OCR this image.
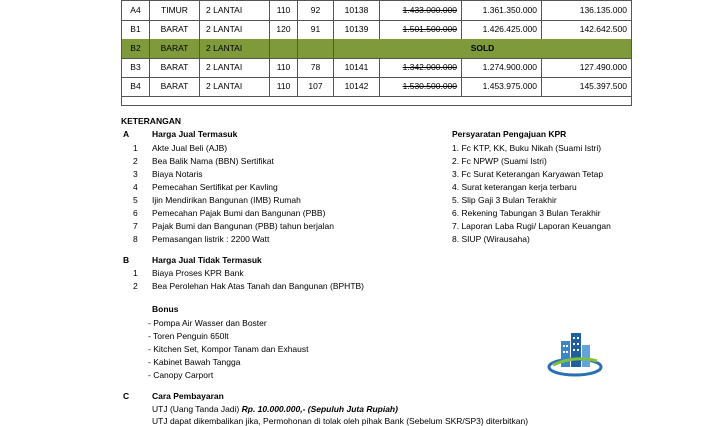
A4	TIMUR	2 LANTAI	110	92	10138	1.433.000.000	1.361.350.000	136.135.000
B1	BARAT	2 LANTAI	120	91	10139	1.501.500.000	1.426.425.000	142.642.500
B2	BARAT	2 LANTAI	SOLD
B3	BARAT	2 LANTAI	110	78	10141	1.342.000.000	1.274.900.000	127.490.000
B4	BARAT	2 LANTAI	110	107	10142	1.530.500.000	1.453.975.000	145.397.500
KETERANGAN
A	Harga Jual Termasuk
1 Akte Jual Beli (AJB)
2 Bea Balik Nama (BBN) Sertifikat
3 Biaya Notaris
4 Pemecahan Sertifikat per Kavling
5 Ijin Mendirikan Bangunan (IMB) Rumah
6 Pemecahan Pajak Bumi dan Bangunan (PBB)
7 Pajak Bumi dan Bangunan (PBB) tahun berjalan
8 Pemasangan listrik : 2200 Watt
Persyaratan Pengajuan KPR
1. Fc KTP, KK, Buku Nikah (Suami Istri)
2. Fc NPWP (Suami Istri)
3. Fc Surat Keterangan Karyawan Tetap
4. Surat keterangan kerja terbaru
5. Slip Gaji 3 Bulan Terakhir
6. Rekening Tabungan 3 Bulan Terakhir
7. Laporan Laba Rugi/ Laporan Keuangan
8. SIUP (Wirausaha)
B	Harga Jual Tidak Termasuk
1 Biaya Proses KPR Bank
2 Bea Perolehan Hak Atas Tanah dan Bangunan (BPHTB)
Bonus
- Pompa Air Wasser dan Boster
- Toren Penguin 650lt
- Kitchen Set, Kompor Tanam dan Exhaust
- Kabinet Bawah Tangga
- Canopy Carport
C	Cara Pembayaran
UTJ (Uang Tanda Jadi) Rp. 10.000.000,- (Sepuluh Juta Rupiah)
UTJ dapat dikembalikan jika, Permohonan di tolak oleh pihak Bank (Sebelum SKR/SP3) diterbitkan)
